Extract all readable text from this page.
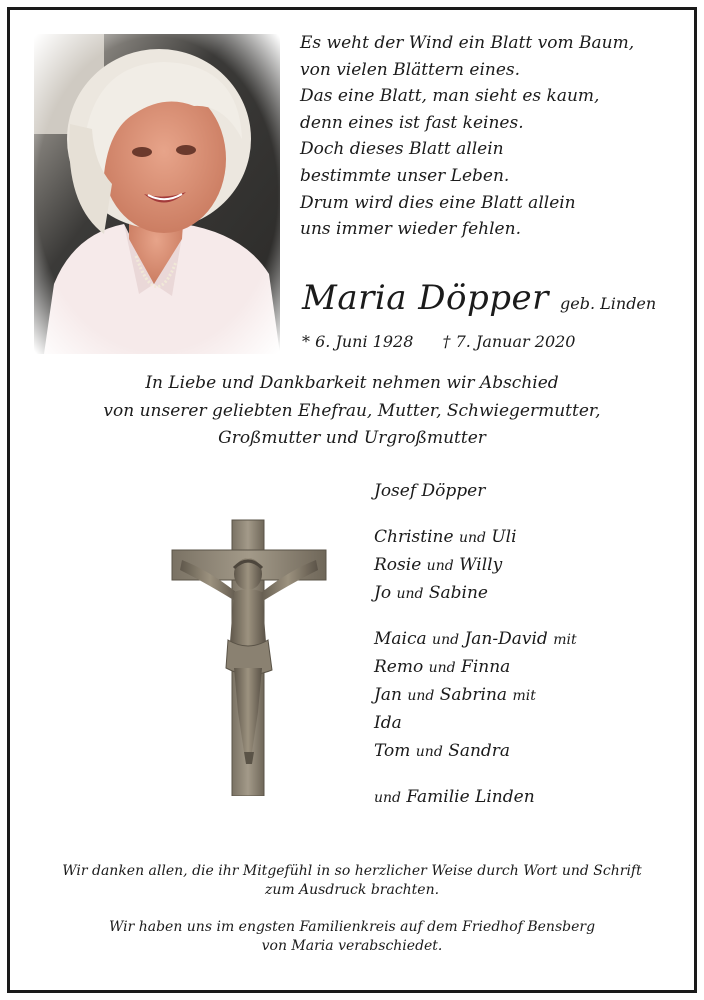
Es weht der Wind ein Blatt vom Baum,
von vielen Blättern eines.
Das eine Blatt, man sieht es kaum,
denn eines ist fast keines.
Doch dieses Blatt allein
bestimmte unser Leben.
Drum wird dies eine Blatt allein
uns immer wieder fehlen.
Maria Döpper geb. Linden
* 6. Juni 1928 † 7. Januar 2020
In Liebe und Dankbarkeit nehmen wir Abschied
von unserer geliebten Ehefrau, Mutter, Schwiegermutter,
Großmutter und Urgroßmutter
Josef Döpper
Christine und Uli
Rosie und Willy
Jo und Sabine
Maica und Jan-David mit
Remo und Finna
Jan und Sabrina mit
Ida
Tom und Sandra
und Familie Linden

Wir danken allen, die ihr Mitgefühl in so herzlicher Weise durch Wort und Schrift
zum Ausdruck brachten.

Wir haben uns im engsten Familienkreis auf dem Friedhof Bensberg
von Maria verabschiedet.
